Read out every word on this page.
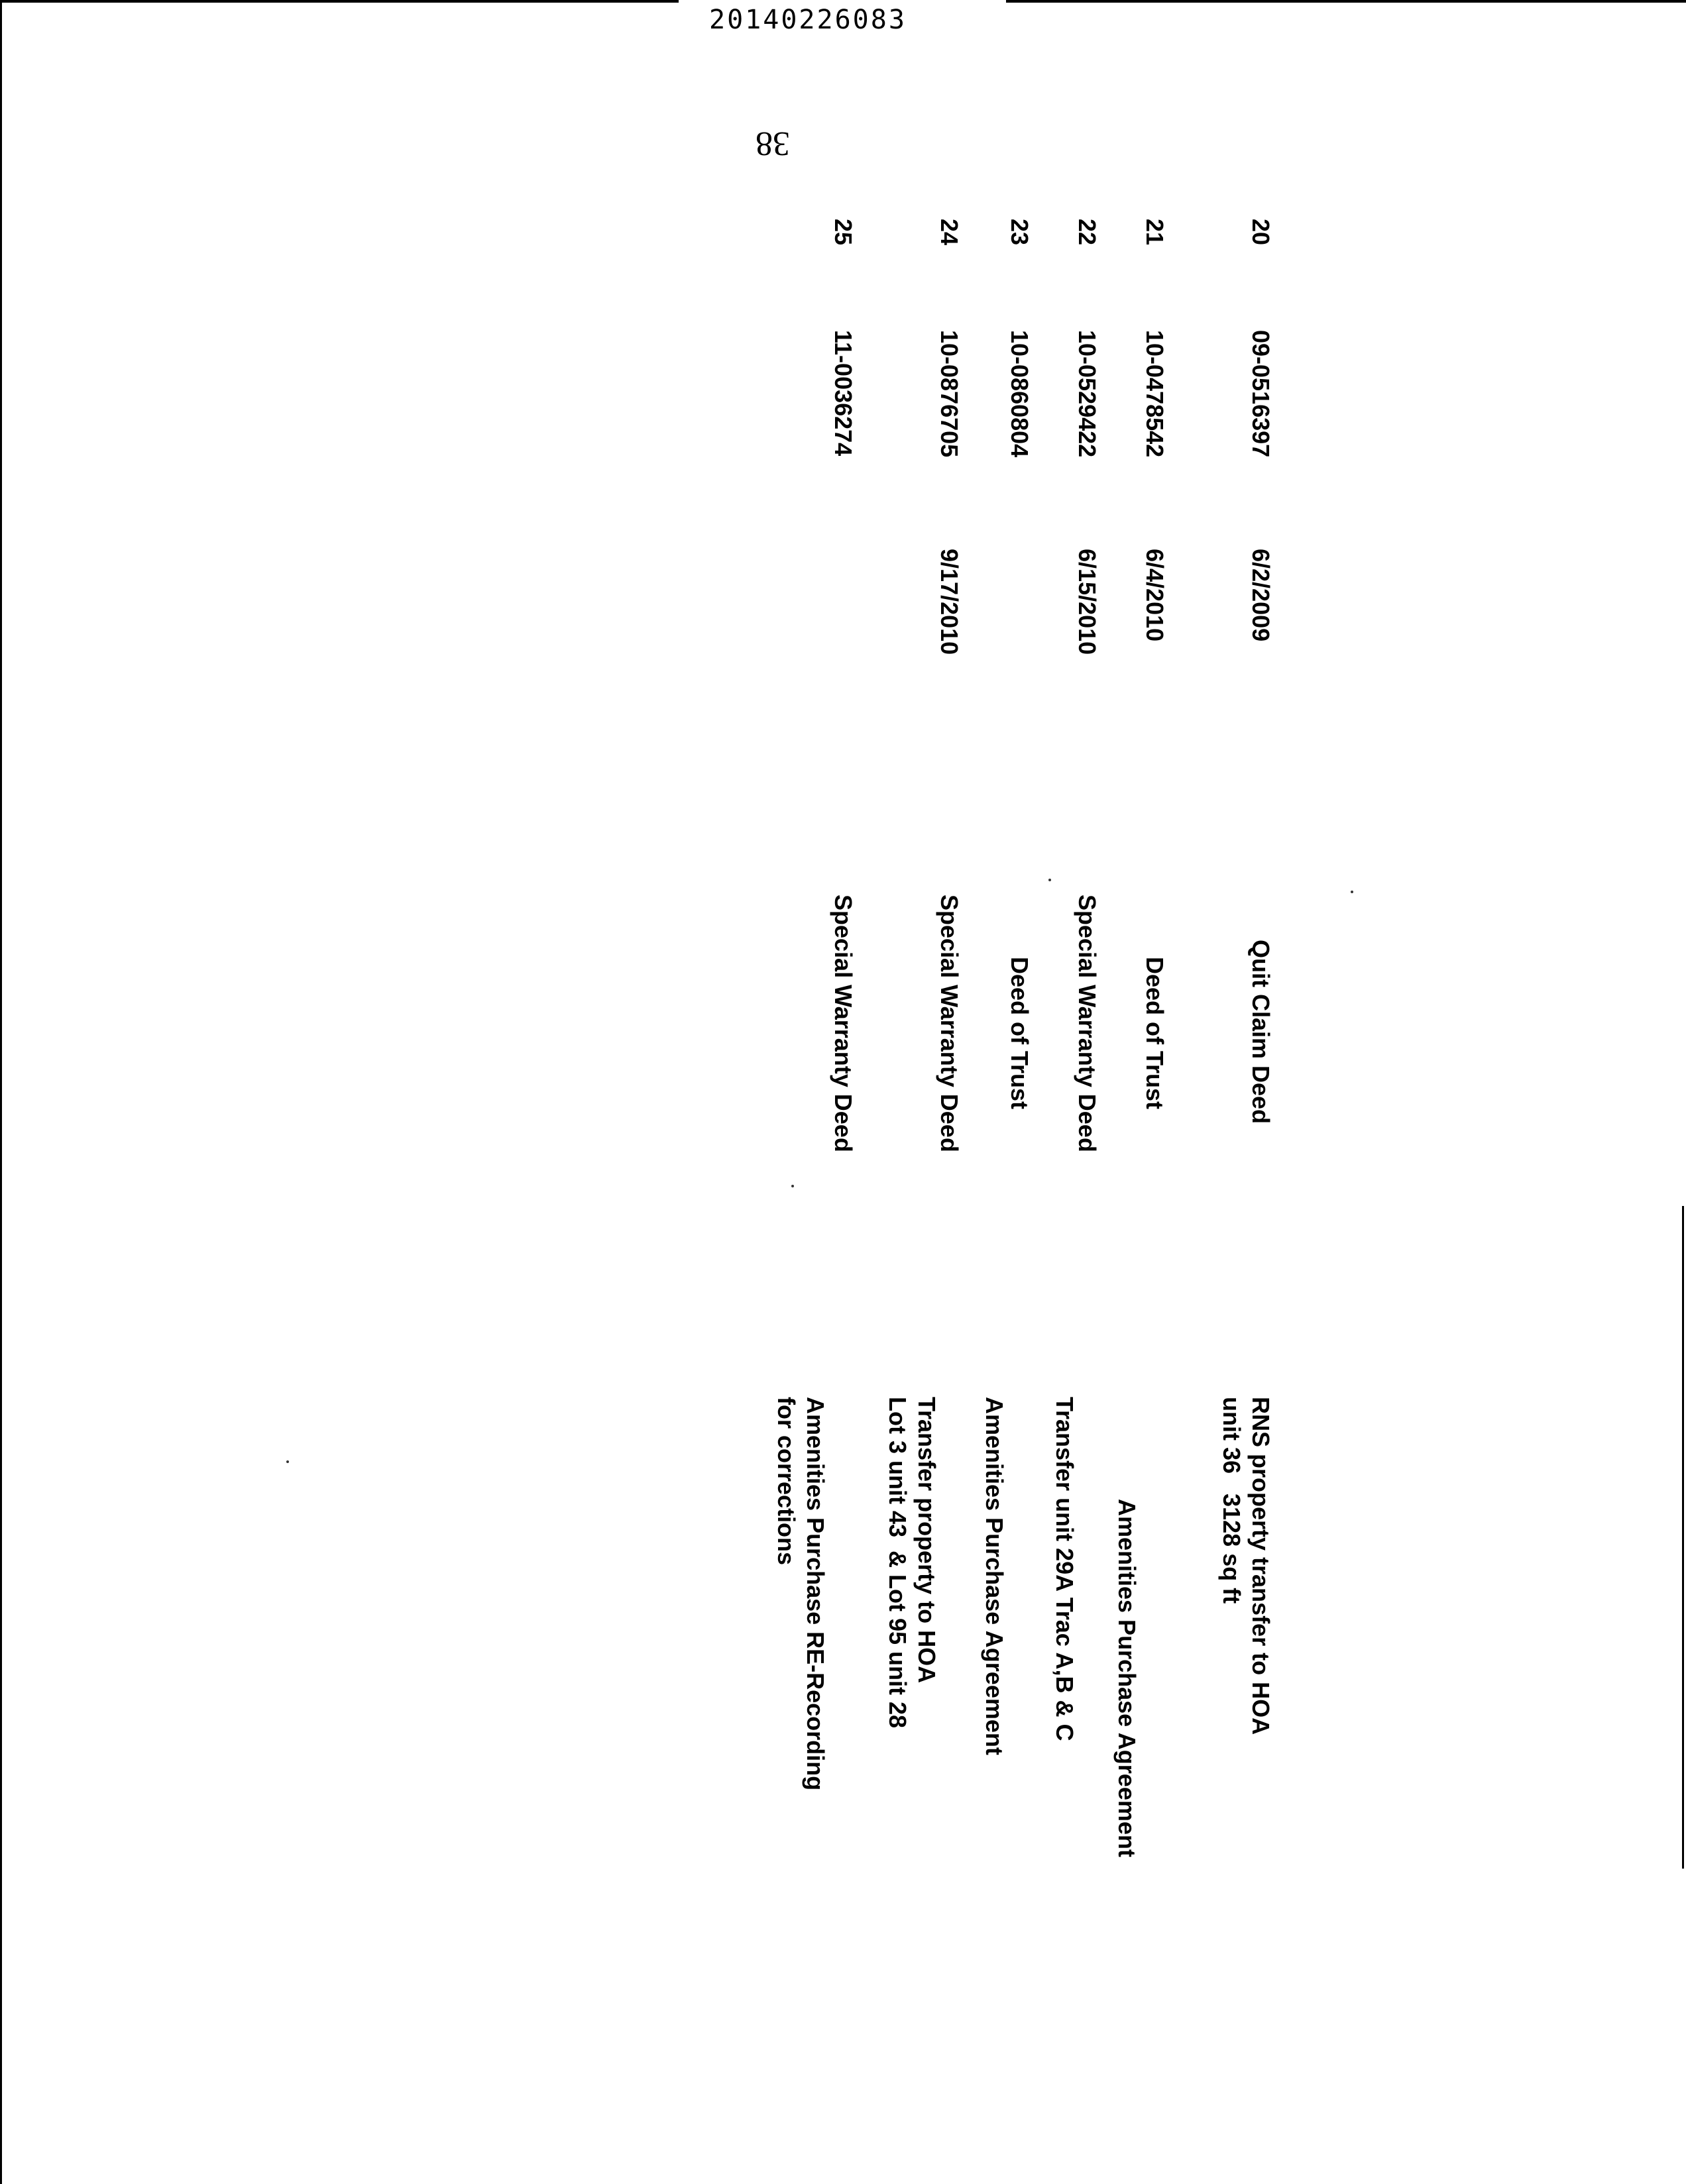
20140226083
38
20
09-0516397
6/2/2009
Quit Claim Deed
RNS property transfer to HOA
unit 36   3128 sq ft
21
10-0478542
6/4/2010
Deed of Trust
Amenities Purchase Agreement
22
10-0529422
6/15/2010
Special Warranty Deed
Transfer unit 29A Trac A,B & C
23
10-0860804
Deed of Trust
Amenities Purchase Agreement
24
10-0876705
9/17/2010
Special Warranty Deed
Transfer property to HOA
Lot 3 unit 43  & Lot 95 unit 28
25
11-0036274
Special Warranty Deed
Amenities Purchase RE-Recording
for corrections
